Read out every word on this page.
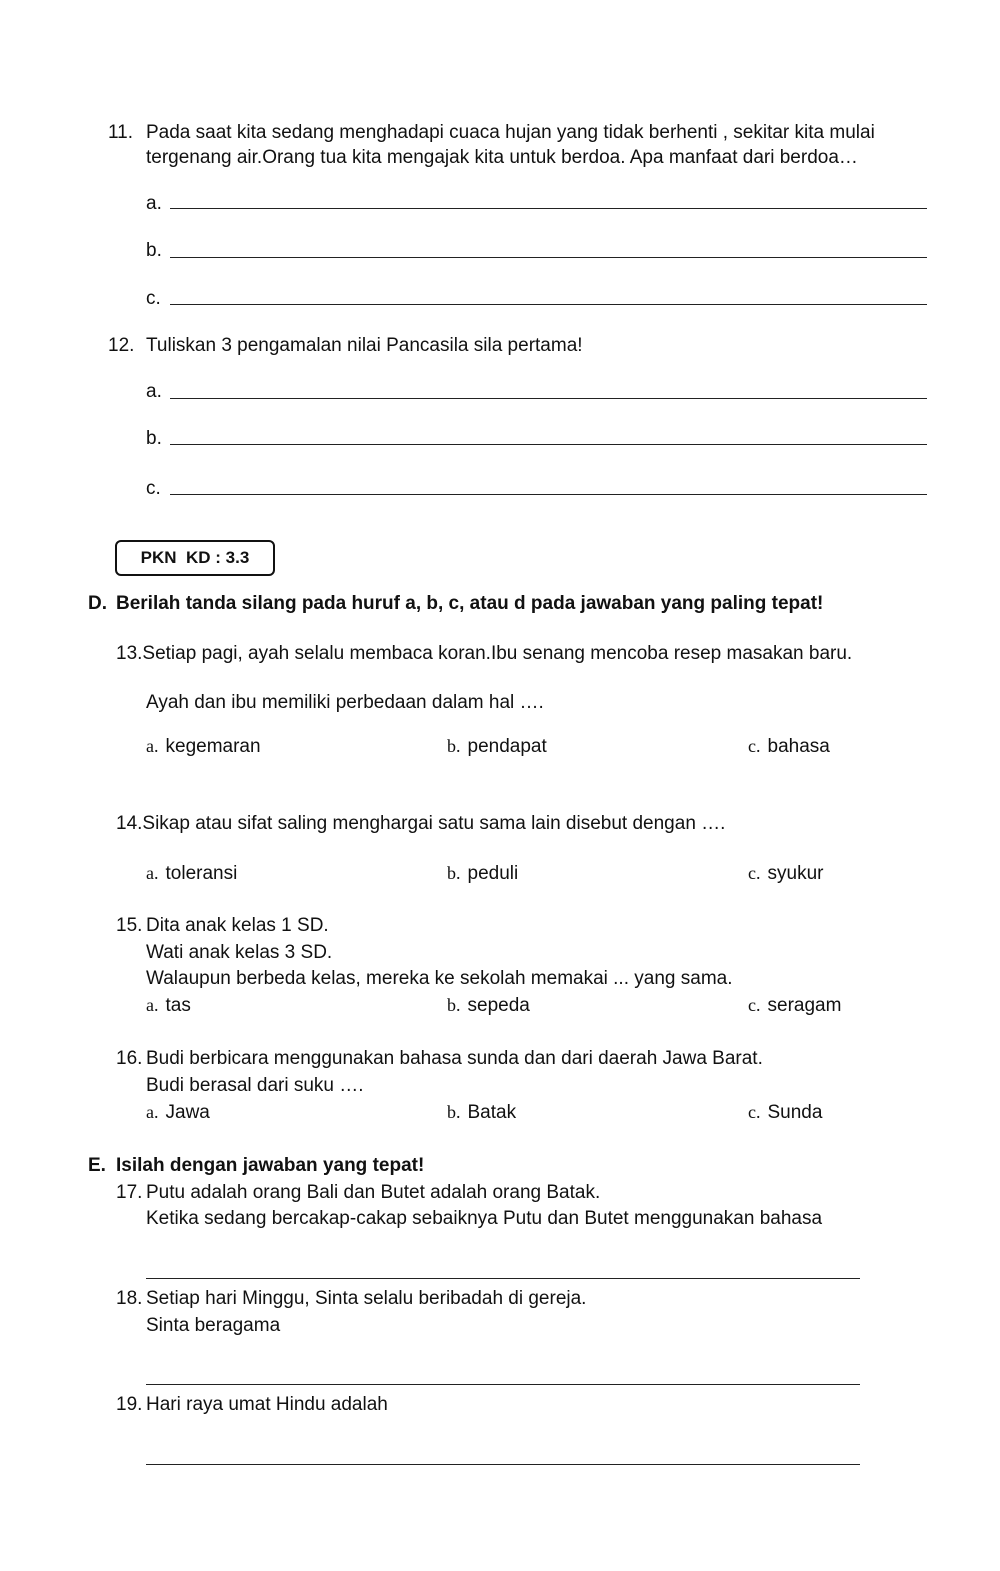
11. Pada saat kita sedang menghadapi cuaca hujan yang tidak berhenti , sekitar kita mulai
tergenang air.Orang tua kita mengajak kita untuk berdoa. Apa manfaat dari berdoa…
a.
b.
c.
12. Tuliskan 3 pengamalan nilai Pancasila sila pertama!
a.
b.
c.
PKN  KD : 3.3
D. Berilah tanda silang pada huruf a, b, c, atau d pada jawaban yang paling tepat!
13.Setiap pagi, ayah selalu membaca koran.Ibu senang mencoba resep masakan baru.
Ayah dan ibu memiliki perbedaan dalam hal ….
a. kegemaran	b. pendapat	c. bahasa
14.Sikap atau sifat saling menghargai satu sama lain disebut dengan ….
a. toleransi	b. peduli	c. syukur
15. Dita anak kelas 1 SD.
Wati anak kelas 3 SD.
Walaupun berbeda kelas, mereka ke sekolah memakai ... yang sama.
a. tas	b. sepeda	c. seragam
16. Budi berbicara menggunakan bahasa sunda dan dari daerah Jawa Barat.
Budi berasal dari suku ….
a. Jawa	b. Batak	c. Sunda
E. Isilah dengan jawaban yang tepat!
17. Putu adalah orang Bali dan Butet adalah orang Batak.
Ketika sedang bercakap-cakap sebaiknya Putu dan Butet menggunakan bahasa
18. Setiap hari Minggu, Sinta selalu beribadah di gereja.
Sinta beragama
19. Hari raya umat Hindu adalah
